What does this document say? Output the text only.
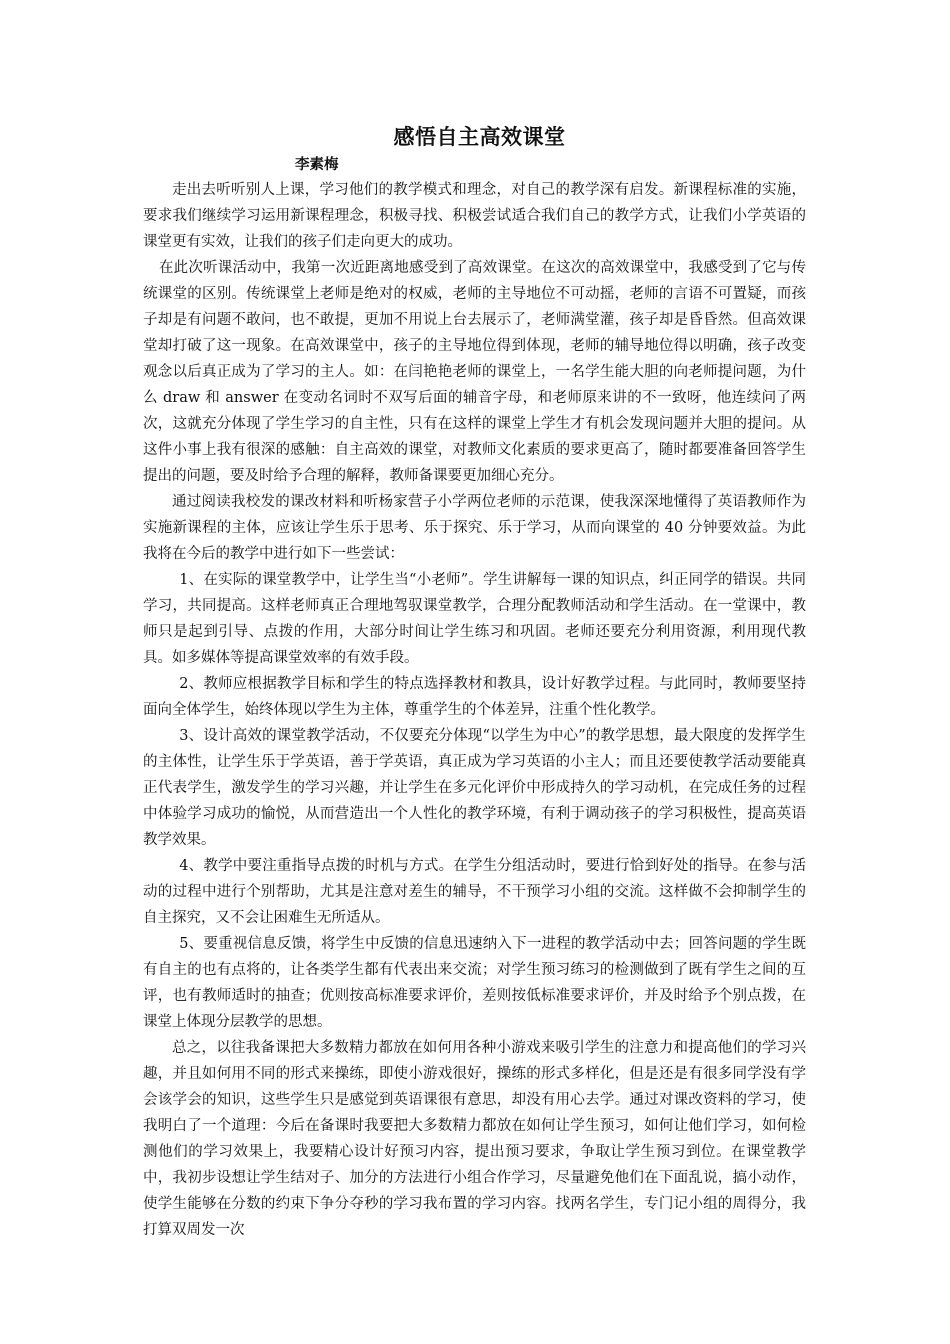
感悟自主高效课堂
李素梅

走出去听听别人上课，学习他们的教学模式和理念，对自己的教学深有启发。新课程标准的实施，要求我们继续学习运用新课程理念，积极寻找、积极尝试适合我们自己的教学方式，让我们小学英语的课堂更有实效，让我们的孩子们走向更大的成功。

在此次听课活动中，我第一次近距离地感受到了高效课堂。在这次的高效课堂中，我感受到了它与传统课堂的区别。传统课堂上老师是绝对的权威，老师的主导地位不可动摇，老师的言语不可置疑，而孩子却是有问题不敢问，也不敢提，更加不用说上台去展示了，老师满堂灌，孩子却是昏昏然。但高效课堂却打破了这一现象。在高效课堂中，孩子的主导地位得到体现，老师的辅导地位得以明确，孩子改变观念以后真正成为了学习的主人。如：在闫艳艳老师的课堂上，一名学生能大胆的向老师提问题，为什么 draw 和 answer 在变动名词时不双写后面的辅音字母，和老师原来讲的不一致呀，他连续问了两次，这就充分体现了学生学习的自主性，只有在这样的课堂上学生才有机会发现问题并大胆的提问。从这件小事上我有很深的感触：自主高效的课堂，对教师文化素质的要求更高了，随时都要准备回答学生提出的问题，要及时给予合理的解释，教师备课要更加细心充分。

通过阅读我校发的课改材料和听杨家营子小学两位老师的示范课，使我深深地懂得了英语教师作为实施新课程的主体，应该让学生乐于思考、乐于探究、乐于学习，从而向课堂的 40 分钟要效益。为此我将在今后的教学中进行如下一些尝试：

1、在实际的课堂教学中，让学生当“小老师”。学生讲解每一课的知识点，纠正同学的错误。共同学习，共同提高。这样老师真正合理地驾驭课堂教学，合理分配教师活动和学生活动。在一堂课中，教师只是起到引导、点拨的作用，大部分时间让学生练习和巩固。老师还要充分利用资源，利用现代教具。如多媒体等提高课堂效率的有效手段。

2、教师应根据教学目标和学生的特点选择教材和教具，设计好教学过程。与此同时，教师要坚持面向全体学生，始终体现以学生为主体，尊重学生的个体差异，注重个性化教学。

3、设计高效的课堂教学活动，不仅要充分体现“以学生为中心”的教学思想，最大限度的发挥学生的主体性，让学生乐于学英语，善于学英语，真正成为学习英语的小主人；而且还要使教学活动要能真正代表学生，激发学生的学习兴趣，并让学生在多元化评价中形成持久的学习动机，在完成任务的过程中体验学习成功的愉悦，从而营造出一个人性化的教学环境，有利于调动孩子的学习积极性，提高英语教学效果。

4、教学中要注重指导点拨的时机与方式。在学生分组活动时，要进行恰到好处的指导。在参与活动的过程中进行个别帮助，尤其是注意对差生的辅导，不干预学习小组的交流。这样做不会抑制学生的自主探究，又不会让困难生无所适从。

5、要重视信息反馈，将学生中反馈的信息迅速纳入下一进程的教学活动中去；回答问题的学生既有自主的也有点将的，让各类学生都有代表出来交流；对学生预习练习的检测做到了既有学生之间的互评，也有教师适时的抽查；优则按高标准要求评价，差则按低标准要求评价，并及时给予个别点拨，在课堂上体现分层教学的思想。

总之，以往我备课把大多数精力都放在如何用各种小游戏来吸引学生的注意力和提高他们的学习兴趣，并且如何用不同的形式来操练，即使小游戏很好，操练的形式多样化，但是还是有很多同学没有学会该学会的知识，这些学生只是感觉到英语课很有意思，却没有用心去学。通过对课改资料的学习，使我明白了一个道理：今后在备课时我要把大多数精力都放在如何让学生预习，如何让他们学习，如何检测他们的学习效果上，我要精心设计好预习内容，提出预习要求，争取让学生预习到位。在课堂教学中，我初步设想让学生结对子、加分的方法进行小组合作学习，尽量避免他们在下面乱说，搞小动作，使学生能够在分数的约束下争分夺秒的学习我布置的学习内容。找两名学生，专门记小组的周得分，我打算双周发一次
